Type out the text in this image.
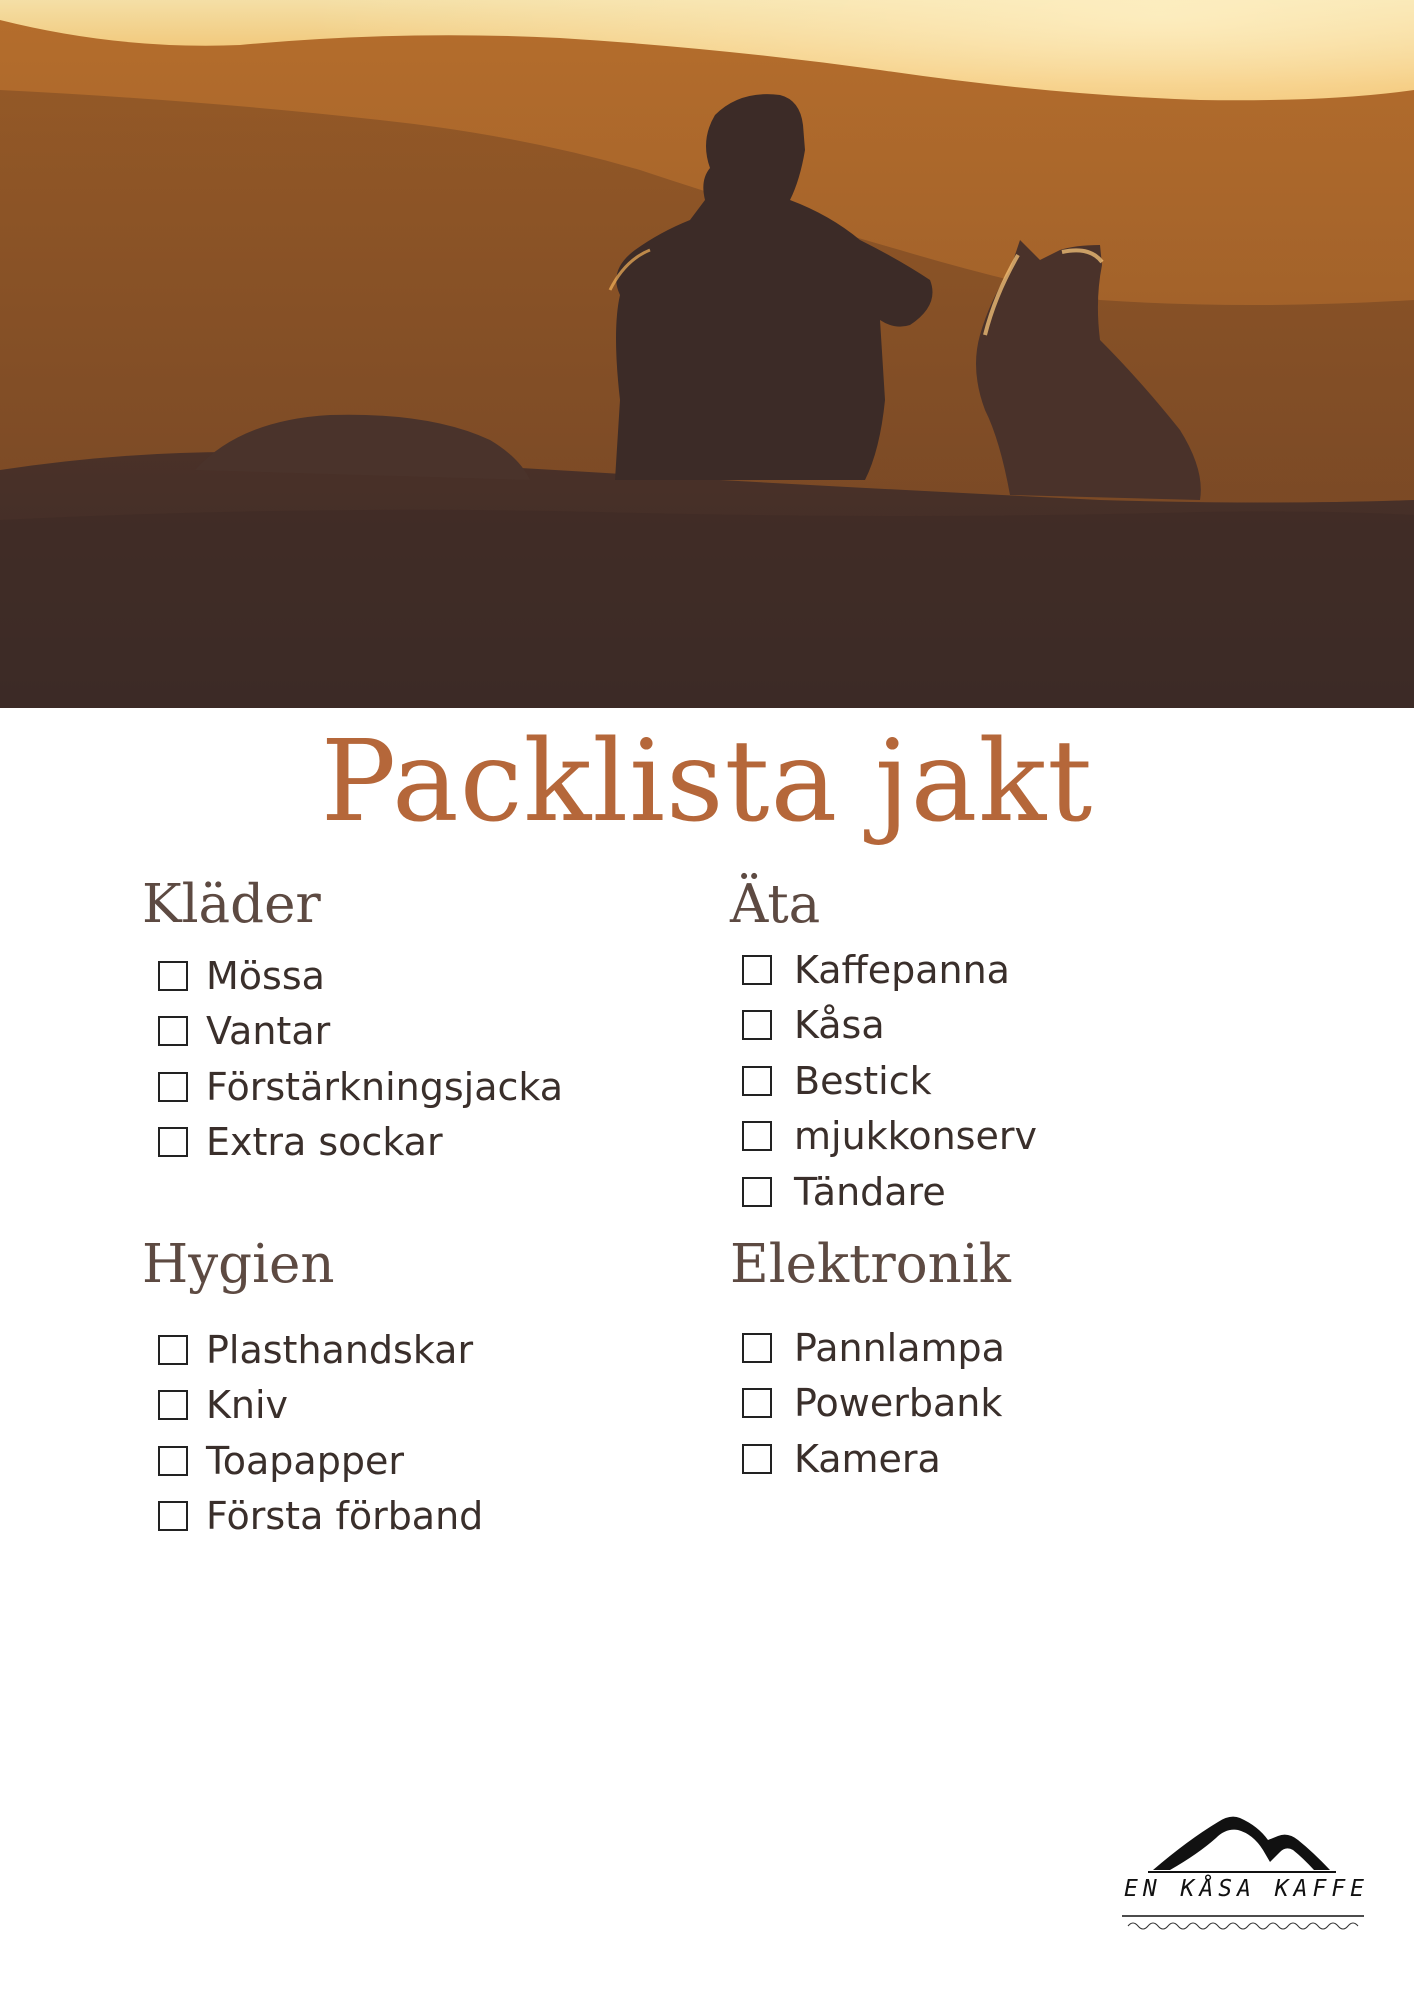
Packlista jakt
Kläder
Mössa
Vantar
Förstärkningsjacka
Extra sockar
Äta
Kaffepanna
Kåsa
Bestick
mjukkonserv
Tändare
Hygien
Plasthandskar
Kniv
Toapapper
Första förband
Elektronik
Pannlampa
Powerbank
Kamera
EN KÅSA KAFFE
